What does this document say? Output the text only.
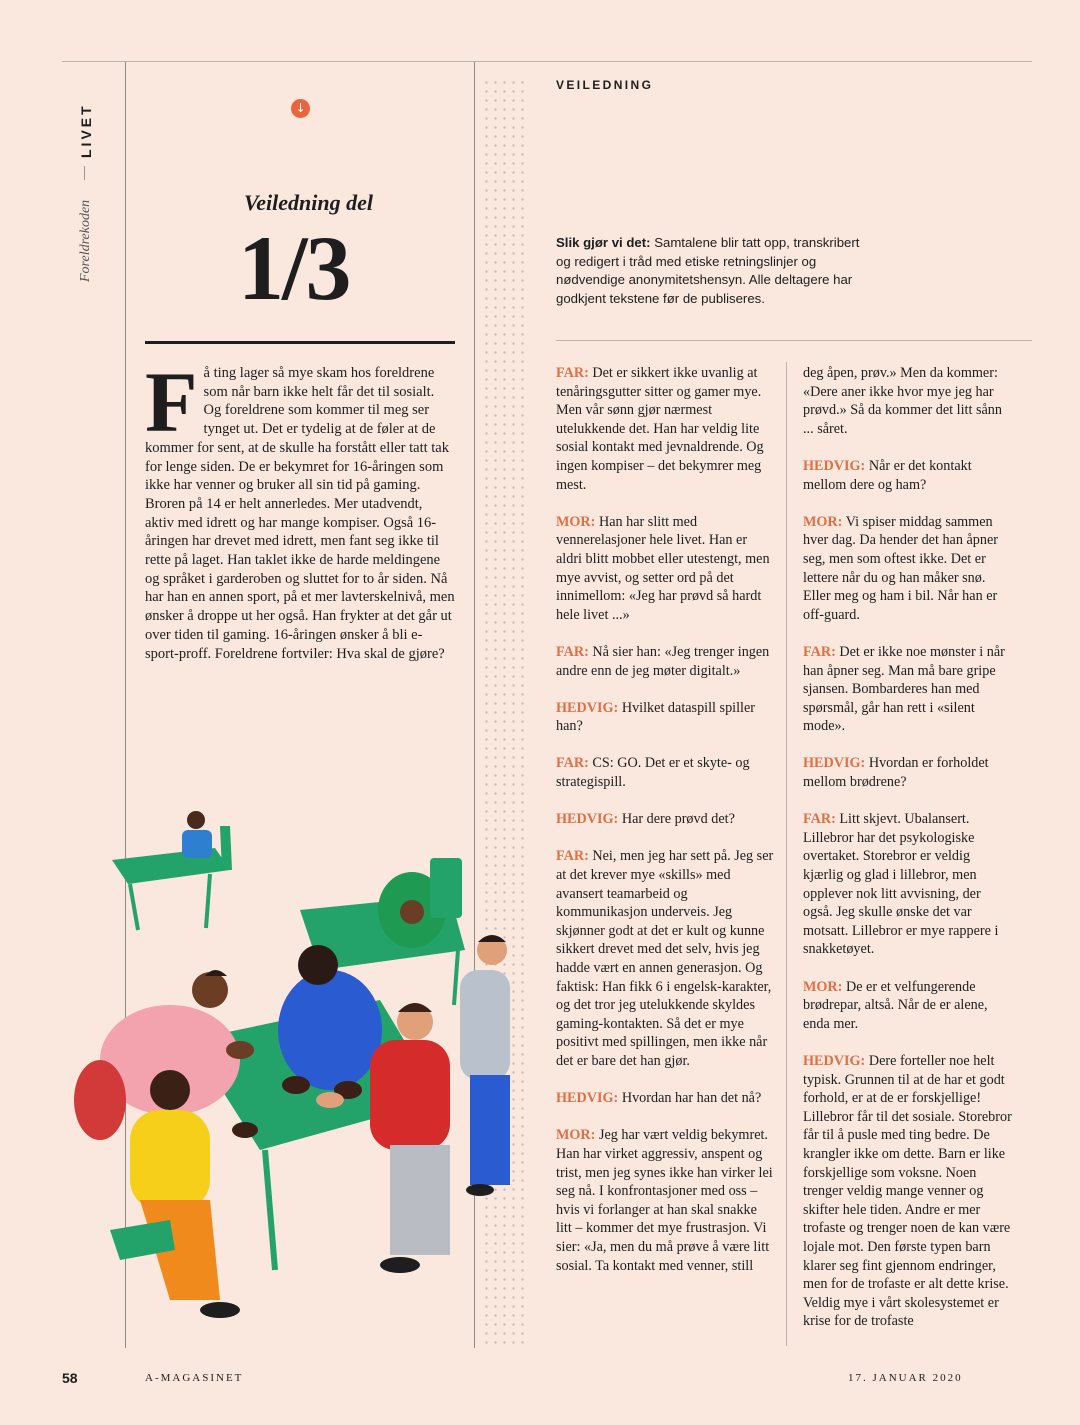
LIVET
Foreldrekoden
↓
Veiledning del
1/3
Få ting lager så mye skam hos foreldrene som når barn ikke helt får det til sosialt. Og foreldrene som kommer til meg ser tynget ut. Det er tydelig at de føler at de kommer for sent, at de skulle ha forstått eller tatt tak for lenge siden. De er bekymret for 16-åringen som ikke har venner og bruker all sin tid på gaming. Broren på 14 er helt annerledes. Mer utadvendt, aktiv med idrett og har mange kompiser. Også 16-åringen har drevet med idrett, men fant seg ikke til rette på laget. Han taklet ikke de harde meldingene og språket i garderoben og sluttet for to år siden. Nå har han en annen sport, på et mer lavterskelnivå, men ønsker å droppe ut her også. Han frykter at det går ut over tiden til gaming. 16-åringen ønsker å bli e-sport-proff. Foreldrene fortviler: Hva skal de gjøre?
VEILEDNING

Slik gjør vi det: Samtalene blir tatt opp, transkribert og redigert i tråd med etiske retningslinjer og nødvendige anonymitetshensyn. Alle deltagere har godkjent tekstene før de publiseres.

FAR: Det er sikkert ikke uvanlig at tenåringsgutter sitter og gamer mye. Men vår sønn gjør nærmest utelukkende det. Han har veldig lite sosial kontakt med jevnaldrende. Og ingen kompiser – det bekymrer meg mest.

MOR: Han har slitt med vennerelasjoner hele livet. Han er aldri blitt mobbet eller utestengt, men mye avvist, og setter ord på det innimellom: «Jeg har prøvd så hardt hele livet ...»

FAR: Nå sier han: «Jeg trenger ingen andre enn de jeg møter digitalt.»

HEDVIG: Hvilket dataspill spiller han?

FAR: CS: GO. Det er et skyte- og strategispill.

HEDVIG: Har dere prøvd det?

FAR: Nei, men jeg har sett på. Jeg ser at det krever mye «skills» med avansert teamarbeid og kommunikasjon underveis. Jeg skjønner godt at det er kult og kunne sikkert drevet med det selv, hvis jeg hadde vært en annen generasjon. Og faktisk: Han fikk 6 i engelsk-karakter, og det tror jeg utelukkende skyldes gaming-kontakten. Så det er mye positivt med spillingen, men ikke når det er bare det han gjør.

HEDVIG: Hvordan har han det nå?

MOR: Jeg har vært veldig bekymret. Han har virket aggressiv, anspent og trist, men jeg synes ikke han virker lei seg nå. I konfrontasjoner med oss – hvis vi forlanger at han skal snakke litt – kommer det mye frustrasjon. Vi sier: «Ja, men du må prøve å være litt sosial. Ta kontakt med venner, still

deg åpen, prøv.» Men da kommer: «Dere aner ikke hvor mye jeg har prøvd.» Så da kommer det litt sånn ... såret.

HEDVIG: Når er det kontakt mellom dere og ham?

MOR: Vi spiser middag sammen hver dag. Da hender det han åpner seg, men som oftest ikke. Det er lettere når du og han måker snø. Eller meg og ham i bil. Når han er off-guard.

FAR: Det er ikke noe mønster i når han åpner seg. Man må bare gripe sjansen. Bombarderes han med spørsmål, går han rett i «silent mode».

HEDVIG: Hvordan er forholdet mellom brødrene?

FAR: Litt skjevt. Ubalansert. Lillebror har det psykologiske overtaket. Storebror er veldig kjærlig og glad i lillebror, men opplever nok litt avvisning, der også. Jeg skulle ønske det var motsatt. Lillebror er mye rappere i snakketøyet.

MOR: De er et velfungerende brødrepar, altså. Når de er alene, enda mer.

HEDVIG: Dere forteller noe helt typisk. Grunnen til at de har et godt forhold, er at de er forskjellige! Lillebror får til det sosiale. Storebror får til å pusle med ting bedre. De krangler ikke om dette. Barn er like forskjellige som voksne. Noen trenger veldig mange venner og skifter hele tiden. Andre er mer trofaste og trenger noen de kan være lojale mot. Den første typen barn klarer seg fint gjennom endringer, men for de trofaste er alt dette krise. Veldig mye i vårt skolesystemet er krise for de trofaste

58	A-MAGASINET	17. JANUAR 2020
